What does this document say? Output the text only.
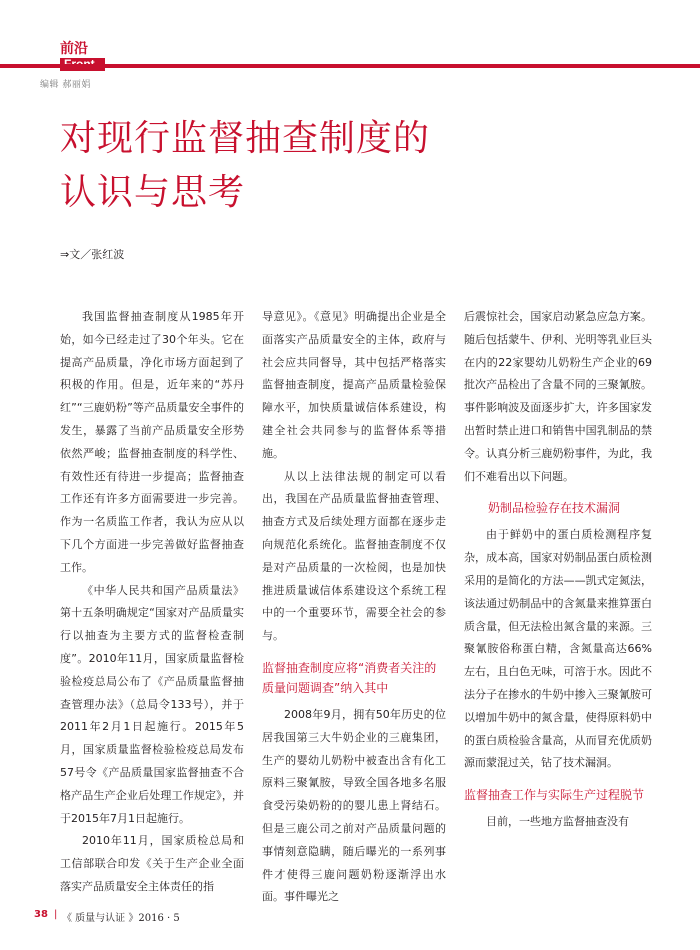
前沿
编辑 郝丽娟
对现行监督抽查制度的
认识与思考
⇒文／张红波

我国监督抽查制度从1985年开始，如今已经走过了30个年头。它在提高产品质量，净化市场方面起到了积极的作用。但是，近年来的“苏丹红”“三鹿奶粉”等产品质量安全事件的发生，暴露了当前产品质量安全形势依然严峻；监督抽查制度的科学性、有效性还有待进一步提高；监督抽查工作还有许多方面需要进一步完善。作为一名质监工作者，我认为应从以下几个方面进一步完善做好监督抽查工作。

《中华人民共和国产品质量法》第十五条明确规定“国家对产品质量实行以抽查为主要方式的监督检查制度”。2010年11月，国家质量监督检验检疫总局公布了《产品质量监督抽查管理办法》（总局令133号），并于2011年2月1日起施行。2015年5月，国家质量监督检验检疫总局发布57号令《产品质量国家监督抽查不合格产品生产企业后处理工作规定》，并于2015年7月1日起施行。

2010年11月，国家质检总局和工信部联合印发《关于生产企业全面落实产品质量安全主体责任的指

导意见》。《意见》明确提出企业是全面落实产品质量安全的主体，政府与社会应共同督导，其中包括严格落实监督抽查制度，提高产品质量检验保障水平，加快质量诚信体系建设，构建全社会共同参与的监督体系等措施。

从以上法律法规的制定可以看出，我国在产品质量监督抽查管理、抽查方式及后续处理方面都在逐步走向规范化系统化。监督抽查制度不仅是对产品质量的一次检阅，也是加快推进质量诚信体系建设这个系统工程中的一个重要环节，需要全社会的参与。

监督抽查制度应将“消费者关注的质量问题调查”纳入其中

2008年9月，拥有50年历史的位居我国第三大牛奶企业的三鹿集团，生产的婴幼儿奶粉中被查出含有化工原料三聚氰胺，导致全国各地多名服食受污染奶粉的的婴儿患上肾结石。但是三鹿公司之前对产品质量问题的事情刻意隐瞒，随后曝光的一系列事件才使得三鹿问题奶粉逐渐浮出水面。事件曝光之

后震惊社会，国家启动紧急应急方案。随后包括蒙牛、伊利、光明等乳业巨头在内的22家婴幼儿奶粉生产企业的69批次产品检出了含量不同的三聚氰胺。事件影响波及面逐步扩大，许多国家发出暂时禁止进口和销售中国乳制品的禁令。认真分析三鹿奶粉事件，为此，我们不难看出以下问题。

奶制品检验存在技术漏洞

由于鲜奶中的蛋白质检测程序复杂，成本高，国家对奶制品蛋白质检测采用的是简化的方法——凯式定氮法，该法通过奶制品中的含氮量来推算蛋白质含量，但无法检出氮含量的来源。三聚氰胺俗称蛋白精，含氮量高达66%左右，且白色无味，可溶于水。因此不法分子在掺水的牛奶中掺入三聚氰胺可以增加牛奶中的氮含量，使得原料奶中的蛋白质检验含量高，从而冒充优质奶源而蒙混过关，钻了技术漏洞。

监督抽查工作与实际生产过程脱节

目前，一些地方监督抽查没有

38 | 《 质量与认证 》2016 · 5
